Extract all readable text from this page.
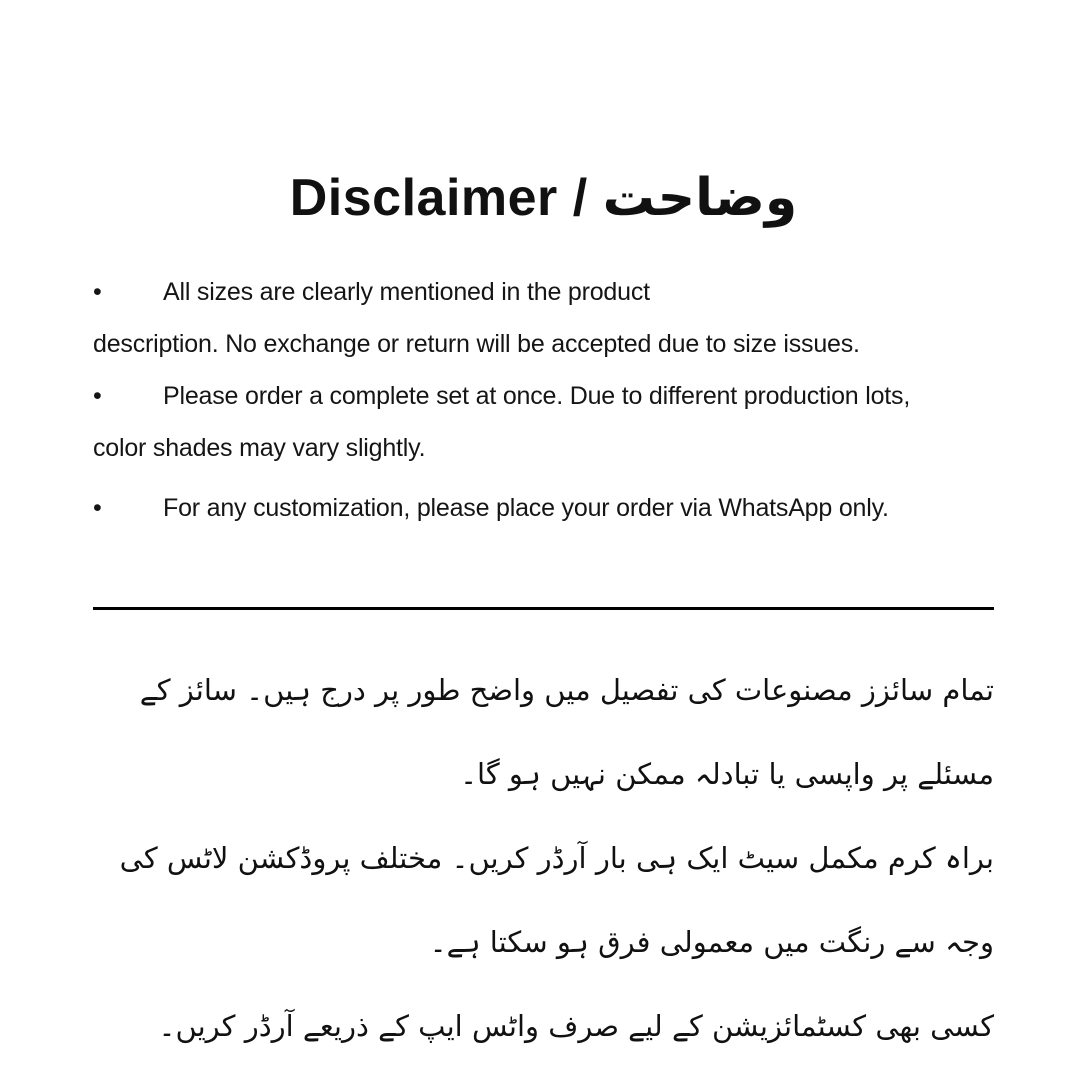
Disclaimer / وضاحت

• All sizes are clearly mentioned in the product
description. No exchange or return will be accepted due to size issues.

• Please order a complete set at once. Due to different production lots,
color shades may vary slightly.

• For any customization, please place your order via WhatsApp only.

تمام سائزز مصنوعات کی تفصیل میں واضح طور پر درج ہیں۔ سائز کے مسئلے پر واپسی یا تبادلہ ممکن نہیں ہو گا۔

براہ کرم مکمل سیٹ ایک ہی بار آرڈر کریں۔ مختلف پروڈکشن لاٹس کی وجہ سے رنگت میں معمولی فرق ہو سکتا ہے۔

کسی بھی کسٹمائزیشن کے لیے صرف واٹس ایپ کے ذریعے آرڈر کریں۔
